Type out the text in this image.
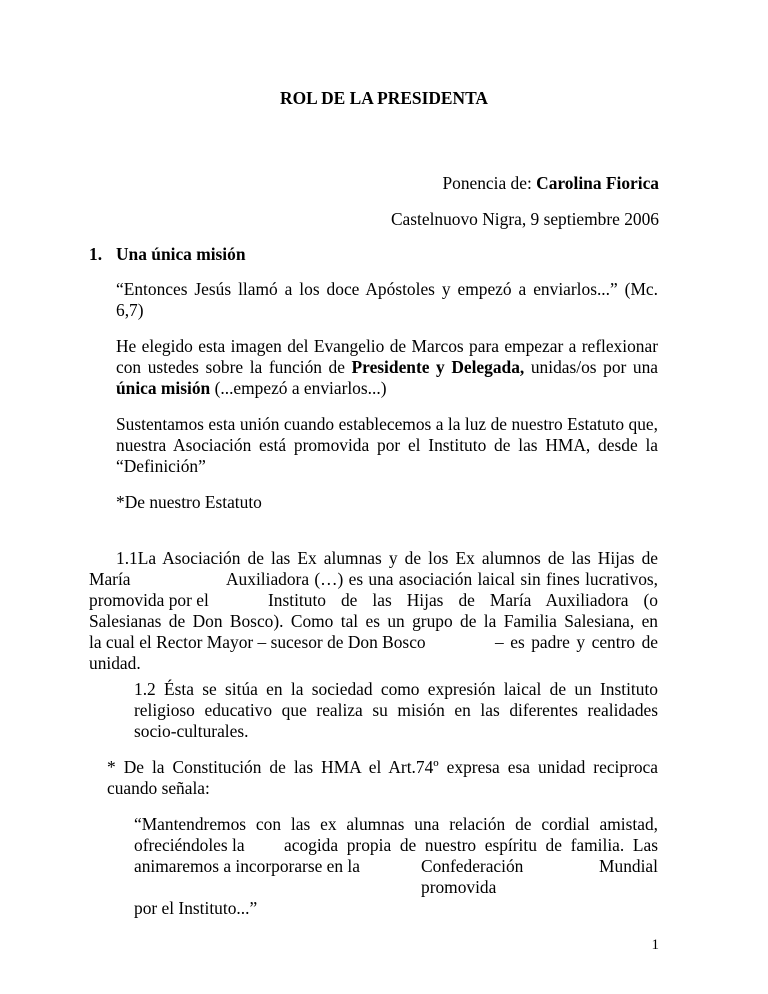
ROL DE LA PRESIDENTA

Ponencia de: Carolina Fiorica

Castelnuovo Nigra, 9 septiembre 2006

1. Una única misión

“Entonces Jesús llamó a los doce Apóstoles y empezó a enviarlos...” (Mc.
6,7)
He elegido esta imagen del Evangelio de Marcos para empezar a reflexionar
con ustedes sobre la función de Presidente y Delegada, unidas/os por una
única misión (...empezó a enviarlos...)
Sustentamos esta unión cuando establecemos a la luz de nuestro Estatuto que,
nuestra Asociación está promovida por el Instituto de las HMA, desde la
“Definición”

*De nuestro Estatuto

1.1La Asociación de las Ex alumnas y de los Ex alumnos de las Hijas de
María	Auxiliadora (…) es una asociación laical sin fines lucrativos,
promovida por el	Instituto de las Hijas de María Auxiliadora (o
Salesianas de Don Bosco). Como tal es un grupo de la Familia Salesiana, en
la cual el Rector Mayor – sucesor de Don Bosco	– es padre y centro de
unidad.
1.2 Ésta se sitúa en la sociedad como expresión laical de un Instituto
religioso educativo que realiza su misión en las diferentes realidades
socio-culturales.
* De la Constitución de las HMA el Art.74º expresa esa unidad reciproca
cuando señala:
“Mantendremos con las ex alumnas una relación de cordial amistad,
ofreciéndoles la acogida propia de nuestro espíritu de familia. Las
animaremos a incorporarse en la	Confederación Mundial promovida
por el Instituto...”

1
